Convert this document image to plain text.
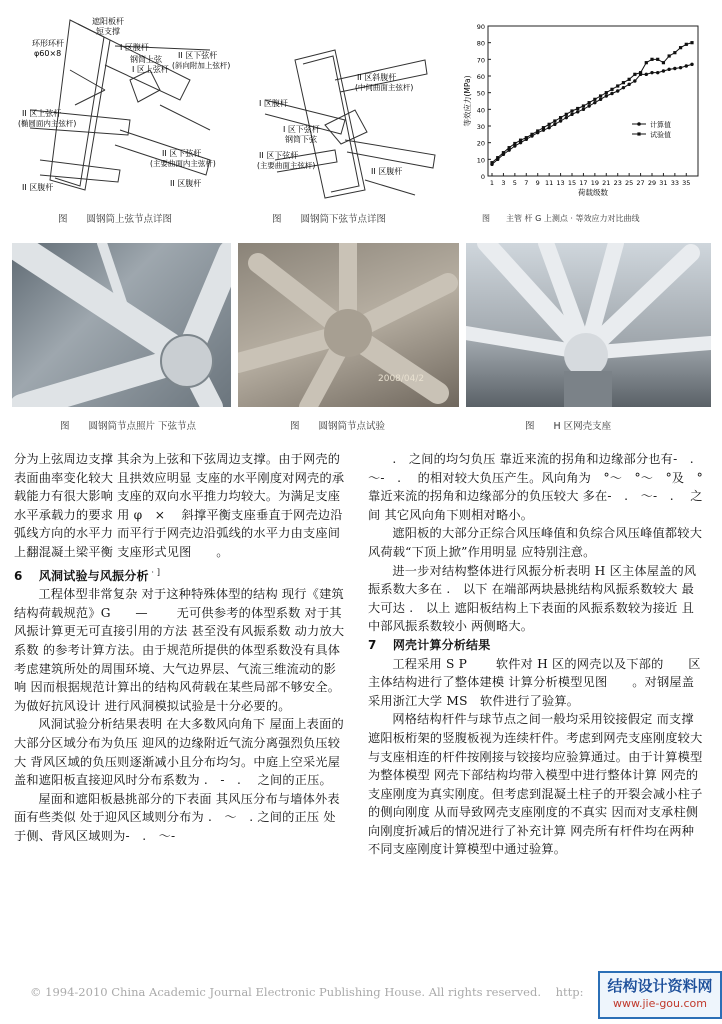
遮阳板杆
短支撑
环形环杆
φ60×8
I 区腹杆
钢筒上弦
I 区上弦杆
II 区下弦杆
(斜向附加上弦杆)
II 区上弦杆
(椭圆面内主弦杆)
II 区下弦杆
(主要曲面内主弦杆)
II 区腹杆
II 区腹杆
图　　圆钢筒上弦节点详图
II 区斜腹杆
(中间曲面主弦杆)
I 区腹杆
I 区下弦杆
钢筒下弦
II 区下弦杆
(主要曲面主弦杆)
II 区腹杆
图　　圆钢筒下弦节点详图
0
10
20
30
40
50
60
70
80
90
1 3 5 7 9 11 13 15 17 19 21 23 25 27 29 31 33 35
荷载级数
等效应力(MPa)	计算值
试验值
图　　主管 杆 G 上测点 · 等效应力对比曲线
图　　圆钢筒节点照片 下弦节点
2008/04/2
图　　圆钢筒节点试验	图　　H 区网壳支座

分为上弦周边支撑 其余为上弦和下弦周边支撑。由于网壳的表面曲率变化较大 且拱效应明显 支座的水平刚度对网壳的承载能力有很大影响 支座的双向水平推力均较大。为满足支座水平承载力的要求 用 φ　×　 斜撑平衡支座垂直于网壳边沿弧线方向的水平力 而平行于网壳边沿弧线的水平力由支座间上翻混凝土梁平衡 支座形式见图　　。

6 风洞试验与风振分析 · ]

工程体型非常复杂 对于这种特殊体型的结构 现行《建筑结构荷载规范》G　　—　　 无可供参考的体型系数 对于其风振计算更无可直接引用的方法 甚至没有风振系数 动力放大系数 的参考计算方法。由于规范所提供的体型系数没有具体考虑建筑所处的周围环境、大气边界层、气流三维流动的影响 因而根据规范计算出的结构风荷载在某些局部不够安全。为做好抗风设计 进行风洞模拟试验是十分必要的。

风洞试验分析结果表明 在大多数风向角下 屋面上表面的大部分区域分布为负压 迎风的边缘附近气流分离强烈负压较大 背风区域的负压则逐渐减小且分布均匀。中庭上空采光屋盖和遮阳板直接迎风时分布系数为 .　-　.　 之间的正压。

屋面和遮阳板悬挑部分的下表面 其风压分布与墙体外表面有些类似 处于迎风区域则分布为 .　～　. 之间的正压 处于侧、背风区域则为-　.　～-

.　之间的均匀负压 靠近来流的拐角和边缘部分也有-　.　～-　.　 的相对较大负压产生。风向角为　°～　°～　°及　° 靠近来流的拐角和边缘部分的负压较大 多在-　.　～-　.　 之间 其它风向角下则相对略小。

遮阳板的大部分正综合风压峰值和负综合风压峰值都较大 风荷载“下顶上掀”作用明显 应特别注意。

进一步对结构整体进行风振分析表明 H 区主体屋盖的风振系数大多在 .　以下 在端部两块悬挑结构风振系数较大 最大可达 .　以上 遮阳板结构上下表面的风振系数较为接近 且中部风振系数较小 两侧略大。

7 网壳计算分析结果

工程采用 S P　　 软件对 H 区的网壳以及下部的　　区主体结构进行了整体建模 计算分析模型见图　　。对钢屋盖采用浙江大学 MS　软件进行了验算。

网格结构杆件与球节点之间一般均采用铰接假定 而支撑遮阳板桁架的竖腹板视为连续杆件。考虑到网壳支座刚度较大 与支座相连的杆件按刚接与铰接均应验算通过。由于计算模型为整体模型 网壳下部结构均带入模型中进行整体计算 网壳的支座刚度为真实刚度。但考虑到混凝土柱子的开裂会减小柱子的侧向刚度 从而导致网壳支座刚度的不真实 因而对支承柱侧向刚度折减后的情况进行了补充计算 网壳所有杆件均在两种不同支座刚度计算模型中通过验算。

© 1994-2010 China Academic Journal Electronic Publishing House. All rights reserved. http: 结构设计资料网
www.jie-gou.com
